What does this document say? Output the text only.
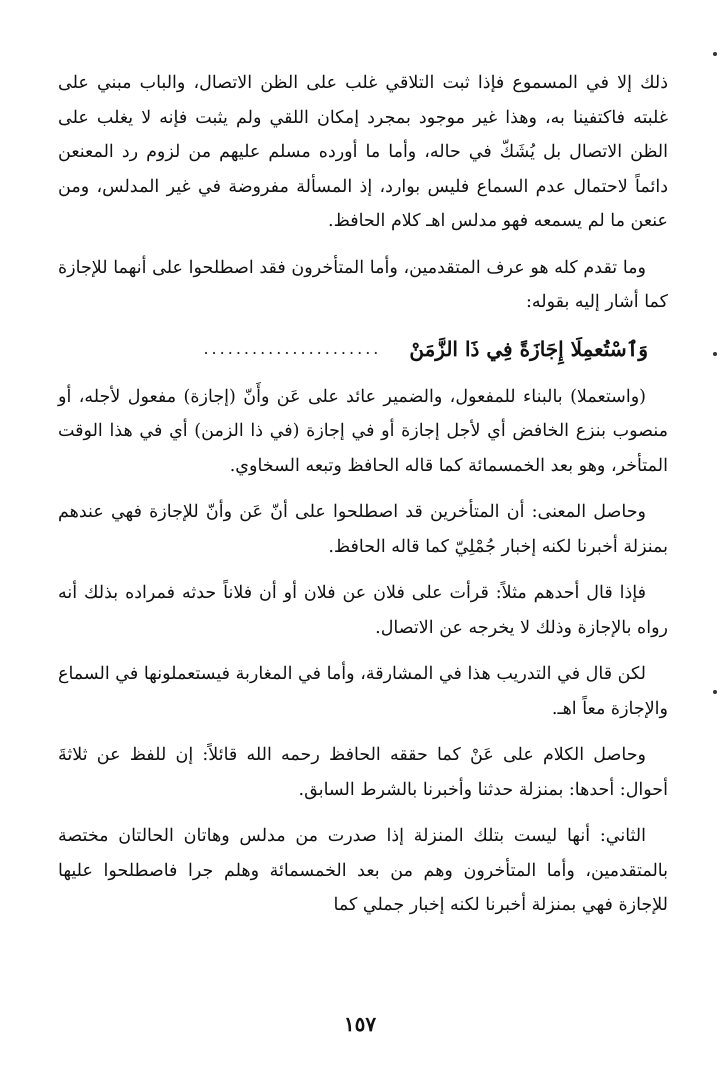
ذلك إلا في المسموع فإذا ثبت التلاقي غلب على الظن الاتصال، والباب مبني على غلبته فاكتفينا به، وهذا غير موجود بمجرد إمكان اللقي ولم يثبت فإنه لا يغلب على الظن الاتصال بل يُشَكّ في حاله، وأما ما أورده مسلم عليهم من لزوم رد المعنعن دائماً لاحتمال عدم السماع فليس بوارد، إذ المسألة مفروضة في غير المدلس، ومن عنعن ما لم يسمعه فهو مدلس اهـ كلام الحافظ.

وما تقدم كله هو عرف المتقدمين، وأما المتأخرون فقد اصطلحوا على أنهما للإجازة كما أشار إليه بقوله:

وَٱسْتُعمِلَا إِجَازَةً فِي ذَا الزَّمَنْ
......................

(واستعملا) بالبناء للمفعول، والضمير عائد على عَن وأَنّ (إجازة) مفعول لأجله، أو منصوب بنزع الخافض أي لأجل إجازة أو في إجازة (في ذا الزمن) أي في هذا الوقت المتأخر، وهو بعد الخمسمائة كما قاله الحافظ وتبعه السخاوي.

وحاصل المعنى: أن المتأخرين قد اصطلحوا على أنّ عَن وأنّ للإجازة فهي عندهم بمنزلة أخبرنا لكنه إخبار جُمْلِيّ كما قاله الحافظ.

فإذا قال أحدهم مثلاً: قرأت على فلان عن فلان أو أن فلاناً حدثه فمراده بذلك أنه رواه بالإجازة وذلك لا يخرجه عن الاتصال.

لكن قال في التدريب هذا في المشارقة، وأما في المغاربة فيستعملونها في السماع والإجازة معاً اهـ.

وحاصل الكلام على عَنْ كما حققه الحافظ رحمه الله قائلاً: إن للفظ عن ثلاثةَ أحوال: أحدها: بمنزلة حدثنا وأخبرنا بالشرط السابق.

الثاني: أنها ليست بتلك المنزلة إذا صدرت من مدلس وهاتان الحالتان مختصة بالمتقدمين، وأما المتأخرون وهم من بعد الخمسمائة وهلم جرا فاصطلحوا عليها للإجازة فهي بمنزلة أخبرنا لكنه إخبار جملي كما

١٥٧
